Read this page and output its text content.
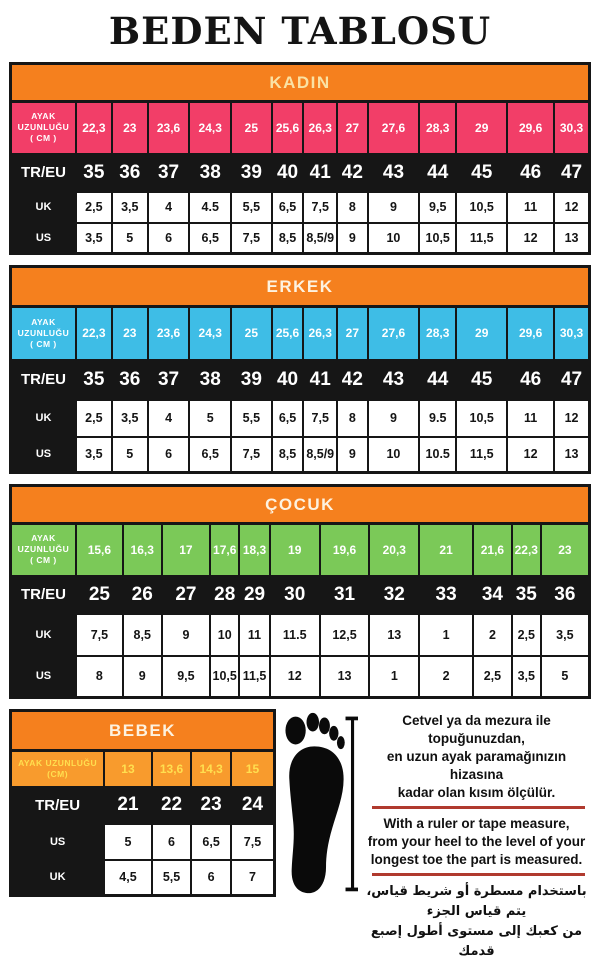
BEDEN TABLOSU
KADIN
AYAK UZUNLUĞU ( CM )	22,3	23	23,6	24,3	25	25,6	26,3	27	27,6	28,3	29	29,6	30,3
TR/EU	35	36	37	38	39	40	41	42	43	44	45	46	47
UK	2,5	3,5	4	4.5	5,5	6,5	7,5	8	9	9,5	10,5	11	12
US	3,5	5	6	6,5	7,5	8,5	8,5/9	9	10	10,5	11,5	12	13
ERKEK
AYAK UZUNLUĞU ( CM )	22,3	23	23,6	24,3	25	25,6	26,3	27	27,6	28,3	29	29,6	30,3
TR/EU	35	36	37	38	39	40	41	42	43	44	45	46	47
UK	2,5	3,5	4	5	5,5	6,5	7,5	8	9	9.5	10,5	11	12
US	3,5	5	6	6,5	7,5	8,5	8,5/9	9	10	10.5	11,5	12	13
ÇOCUK
AYAK UZUNLUĞU ( CM )	15,6	16,3	17	17,6	18,3	19	19,6	20,3	21	21,6	22,3	23
TR/EU	25	26	27	28	29	30	31	32	33	34	35	36
UK	7,5	8,5	9	10	11	11.5	12,5	13	1	2	2,5	3,5
US	8	9	9,5	10,5	11,5	12	13	1	2	2,5	3,5	5
BEBEK
AYAK UZUNLUĞU (CM)	13	13,6	14,3	15
TR/EU	21	22	23	24
US	5	6	6,5	7,5
UK	4,5	5,5	6	7

Cetvel ya da mezura ile topuğunuzdan,
en uzun ayak paramağınızın hizasına
kadar olan kısım ölçülür.

With a ruler or tape measure,
from your heel to the level of your
longest toe the part is measured.

باستخدام مسطرة أو شريط قياس، يتم قياس الجزء
من كعبك إلى مستوى أطول إصبع قدمك
